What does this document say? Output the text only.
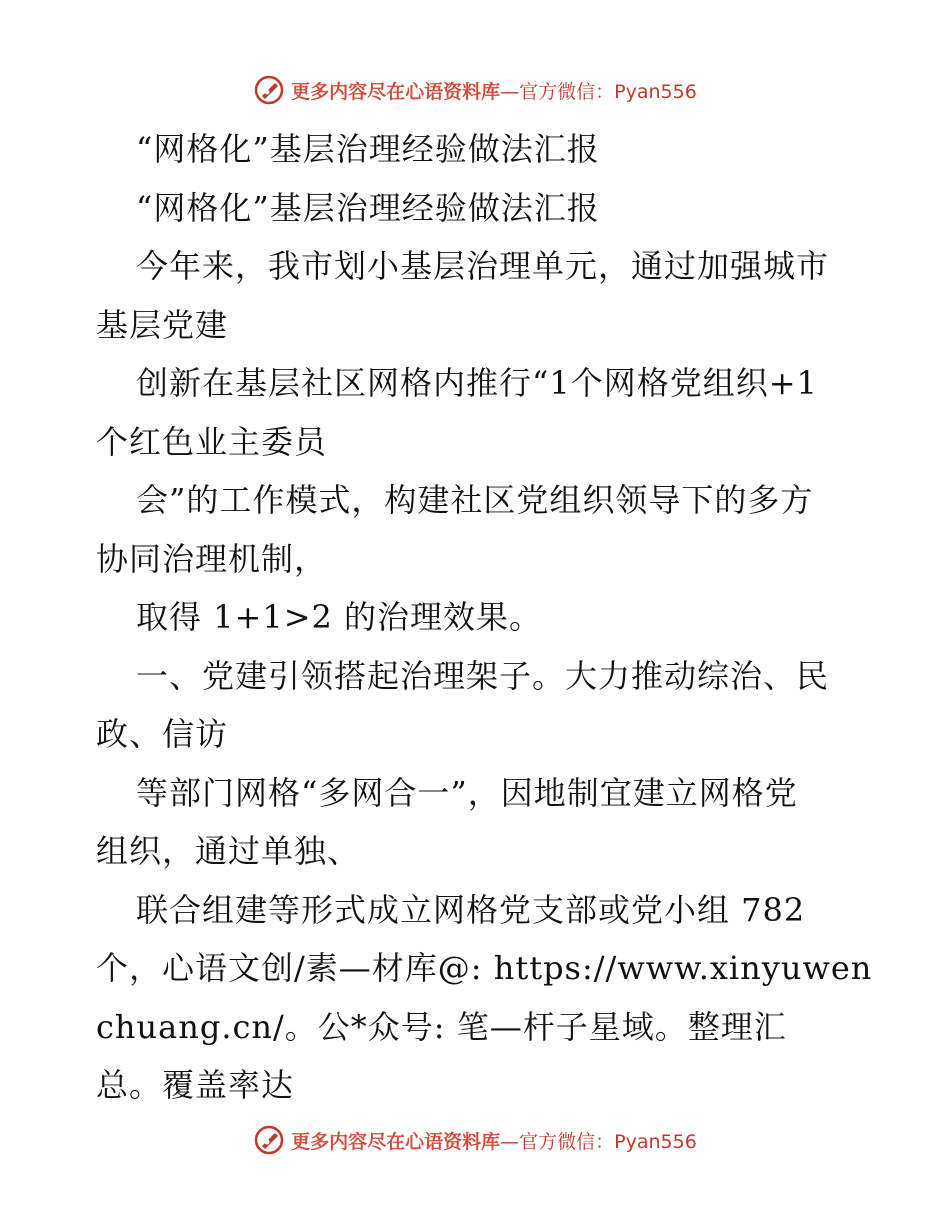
更多内容尽在心语资料库—官方微信：Pyan556
“网格化”基层治理经验做法汇报
“网格化”基层治理经验做法汇报
今年来，我市划小基层治理单元，通过加强城市
基层党建
创新在基层社区网格内推行“1个网格党组织+1
个红色业主委员
会”的工作模式，构建社区党组织领导下的多方
协同治理机制，
取得 1+1>2 的治理效果。
一、党建引领搭起治理架子。大力推动综治、民
政、信访
等部门网格“多网合一”，因地制宜建立网格党
组织，通过单独、
联合组建等形式成立网格党支部或党小组 782
个，心语文创/素—材库@: https://www.xinyuwen
chuang.cn/。公*众号: 笔—杆子星域。整理汇
总。覆盖率达
更多内容尽在心语资料库—官方微信：Pyan556
